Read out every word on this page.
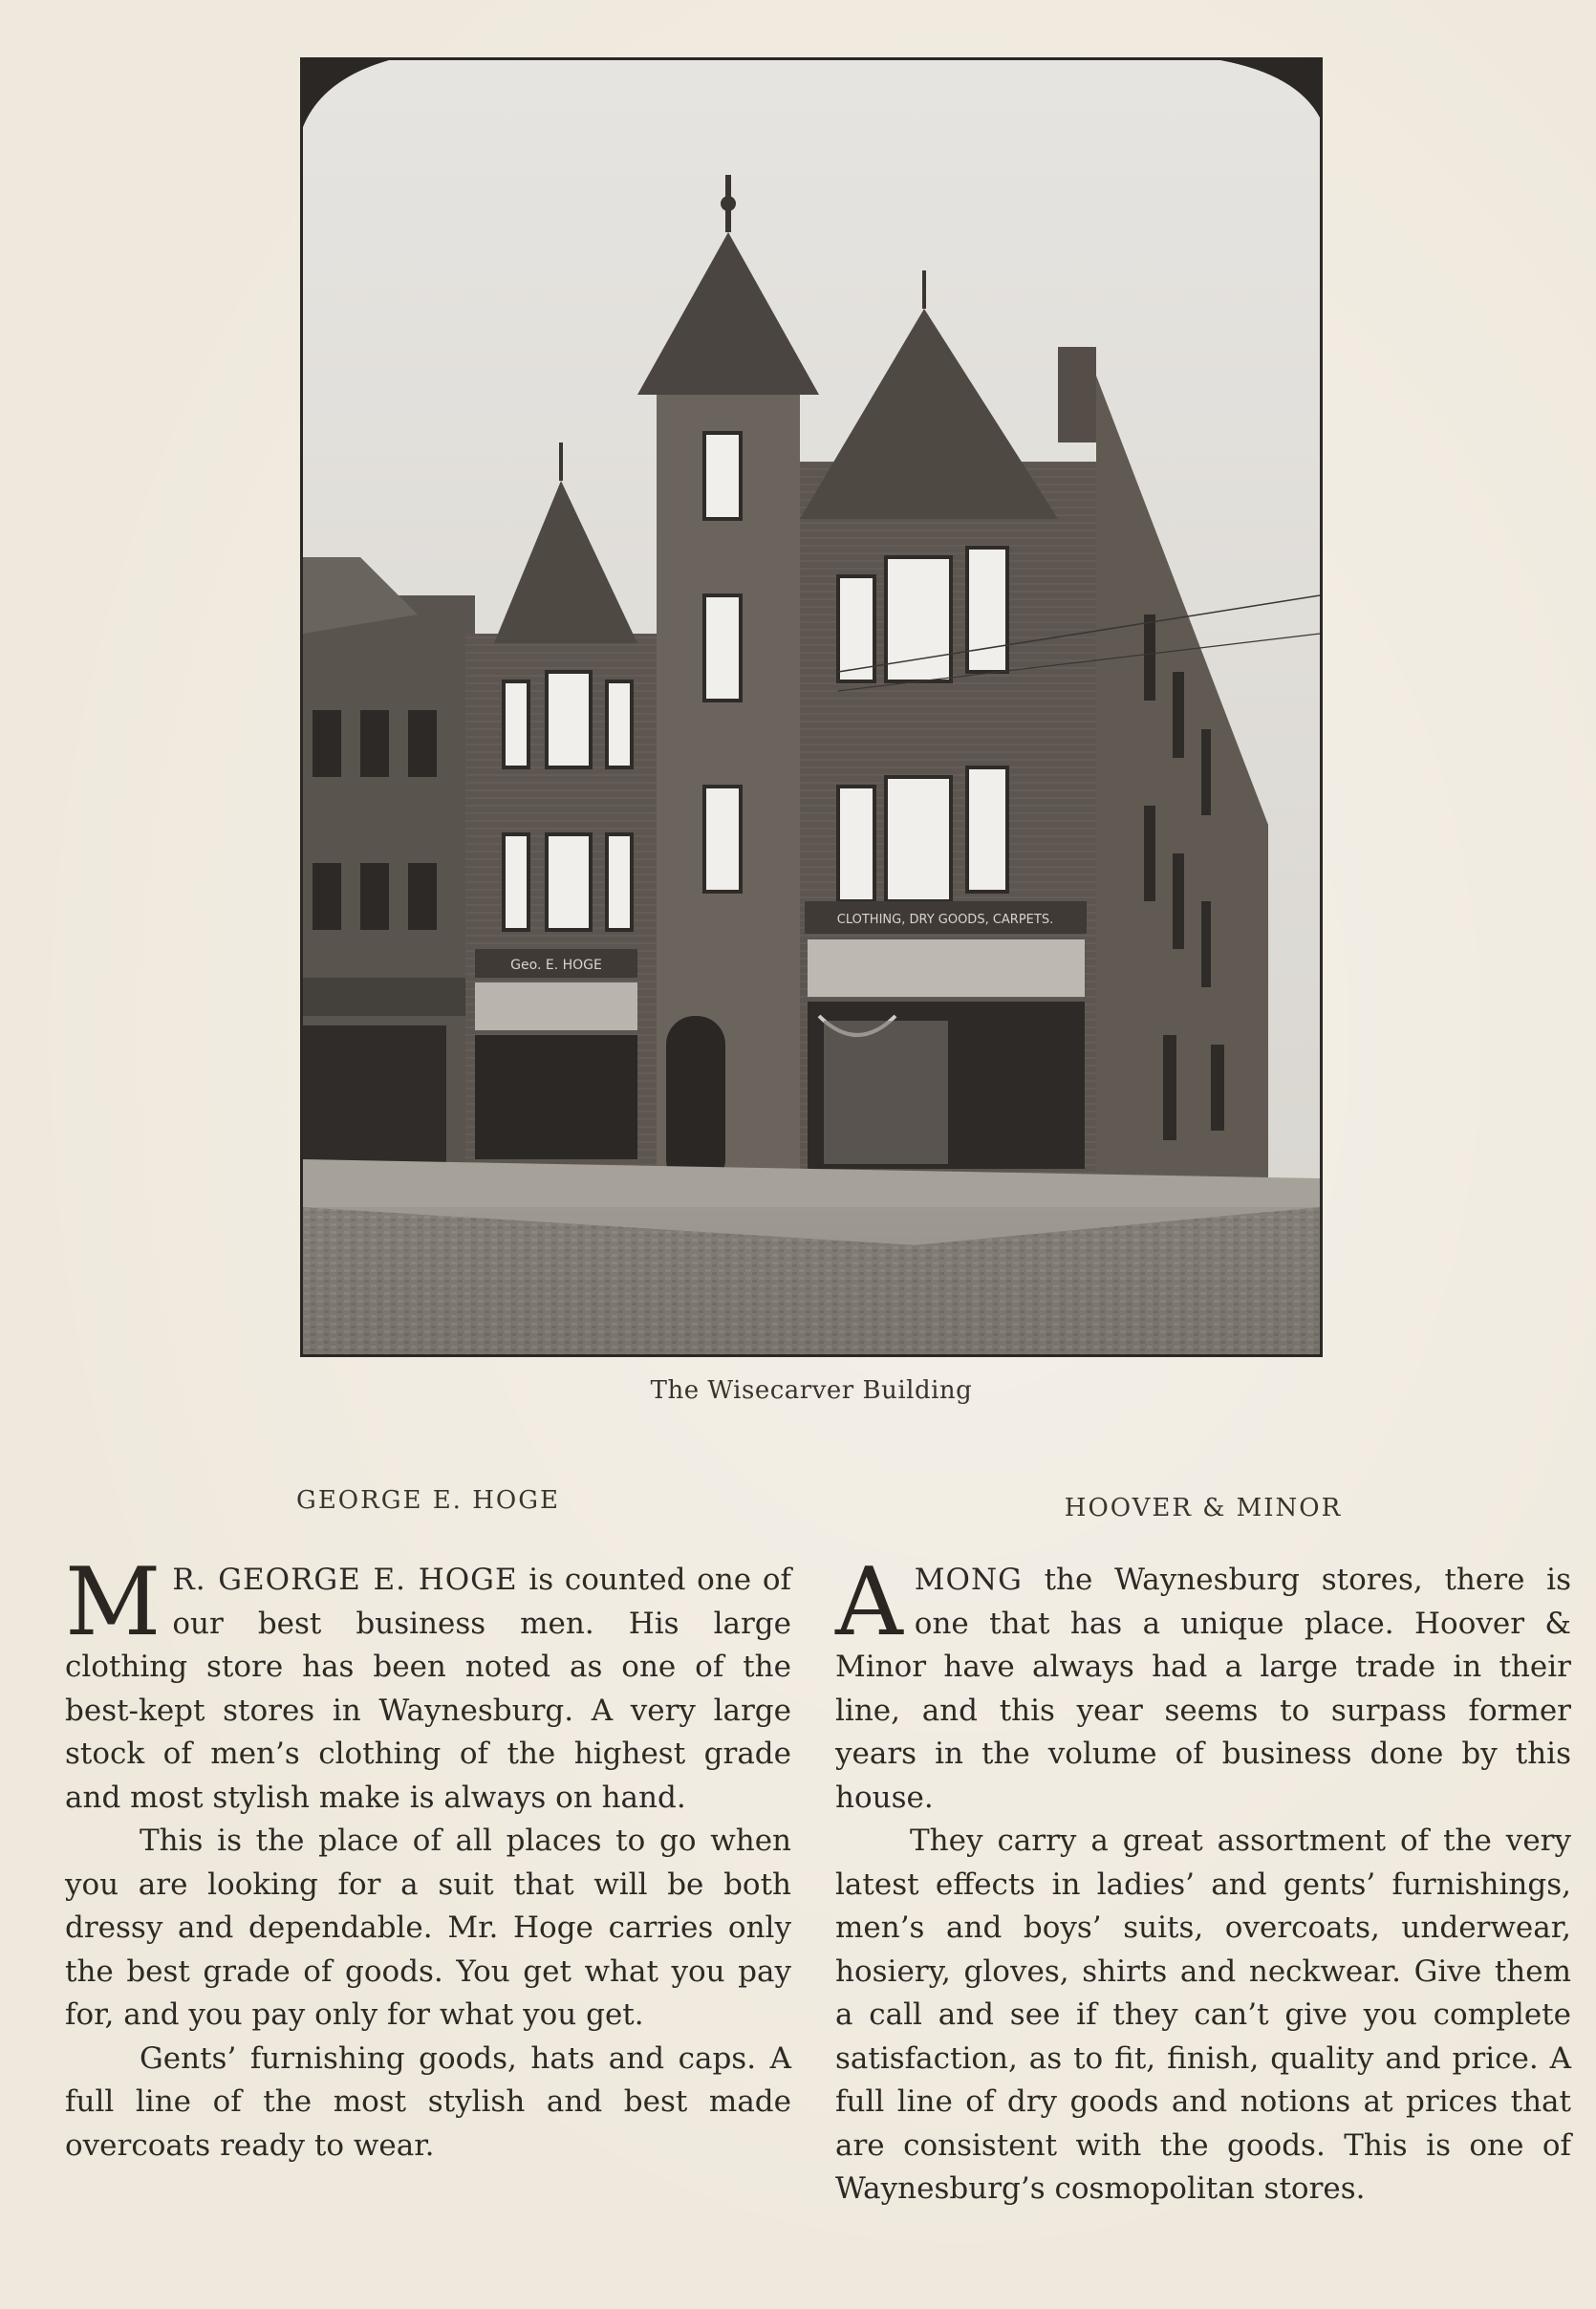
Geo. E. HOGE
CLOTHING, DRY GOODS, CARPETS.
The Wisecarver Building
GEORGE E. HOGE

M R. GEORGE E. HOGE is counted one of our best business men. His large clothing store has been noted as one of the best-kept stores in Waynesburg. A very large stock of men’s clothing of the highest grade and most stylish make is always on hand.

This is the place of all places to go when you are looking for a suit that will be both dressy and dependable. Mr. Hoge carries only the best grade of goods. You get what you pay for, and you pay only for what you get.

Gents’ furnishing goods, hats and caps. A full line of the most stylish and best made overcoats ready to wear.

HOOVER & MINOR

AMONG the Waynesburg stores, there is one that has a unique place. Hoover & Minor have always had a large trade in their line, and this year seems to surpass former years in the volume of business done by this house.

They carry a great assortment of the very latest effects in ladies’ and gents’ furnishings, men’s and boys’ suits, overcoats, underwear, hosiery, gloves, shirts and neckwear. Give them a call and see if they can’t give you complete satisfaction, as to fit, finish, quality and price. A full line of dry goods and notions at prices that are consistent with the goods. This is one of Waynesburg’s cosmopolitan stores.
